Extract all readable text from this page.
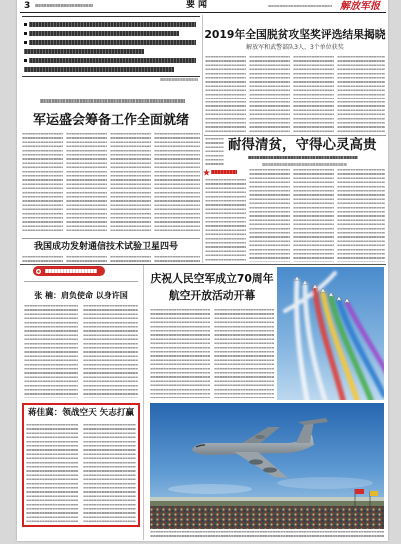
3	要闻	解放军报
2019年全国脱贫攻坚奖评选结果揭晓
解放军和武警部队3人、3个单位获奖
耐得清贫，守得心灵高贵
军运盛会筹备工作全面就绪
我国成功发射通信技术试验卫星四号
张 楠：肩负使命 以身许国
蒋佳冀：领战空天 矢志打赢
庆祝人民空军成立70周年
航空开放活动开幕
